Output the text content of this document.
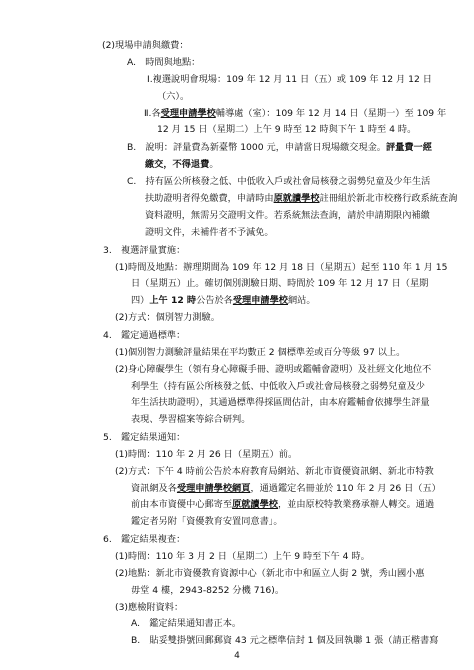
(2)現場申請與繳費：
A.　時間與地點：
Ⅰ.複選說明會現場：109 年 12 月 11 日（五）或 109 年 12 月 12 日
（六）。
Ⅱ.各受理申請學校輔導處（室）：109 年 12 月 14 日（星期一）至 109 年
12 月 15 日（星期二）上午 9 時至 12 時與下午 1 時至 4 時。
B.　說明：評量費為新臺幣 1000 元，申請當日現場繳交現金。評量費一經
繳交，不得退費。
C.　持有區公所核發之低、中低收入戶或社會局核發之弱勢兒童及少年生活
扶助證明者得免繳費，申請時由原就讀學校註冊組於新北市校務行政系統查詢
資料證明，無需另交證明文件。若系統無法查詢，請於申請期限內補繳
證明文件，未補件者不予減免。
3.　複選評量實施：
(1)時間及地點：辦理期間為 109 年 12 月 18 日（星期五）起至 110 年 1 月 15
日（星期五）止。確切個別測驗日期、時間於 109 年 12 月 17 日（星期
四）上午 12 時公告於各受理申請學校網站。
(2)方式：個別智力測驗。
4.　鑑定通過標準：
(1)個別智力測驗評量結果在平均數正 2 個標準差或百分等級 97 以上。
(2)身心障礙學生（領有身心障礙手冊、證明或鑑輔會證明）及社經文化地位不
利學生（持有區公所核發之低、中低收入戶或社會局核發之弱勢兒童及少
年生活扶助證明），其通過標準得採區間估計，由本府鑑輔會依據學生評量
表現、學習檔案等綜合研判。
5.　鑑定結果通知：
(1)時間：110 年 2 月 26 日（星期五）前。
(2)方式：下午 4 時前公告於本府教育局網站、新北市資優資訊網、新北市特教
資訊網及各受理申請學校網頁，通過鑑定名冊並於 110 年 2 月 26 日（五）
前由本市資優中心郵寄至原就讀學校，並由原校特教業務承辦人轉交。通過
鑑定者另附「資優教育安置同意書」。
6.　鑑定結果複查：
(1)時間：110 年 3 月 2 日（星期二）上午 9 時至下午 4 時。
(2)地點：新北市資優教育資源中心（新北市中和區立人街 2 號，秀山國小惠
毋堂 4 樓，2943-8252 分機 716)。
(3)應檢附資料：
A.　鑑定結果通知書正本。
B.　貼妥雙掛號回郵郵資 43 元之標準信封 1 個及回執聯 1 張（請正楷書寫
4
